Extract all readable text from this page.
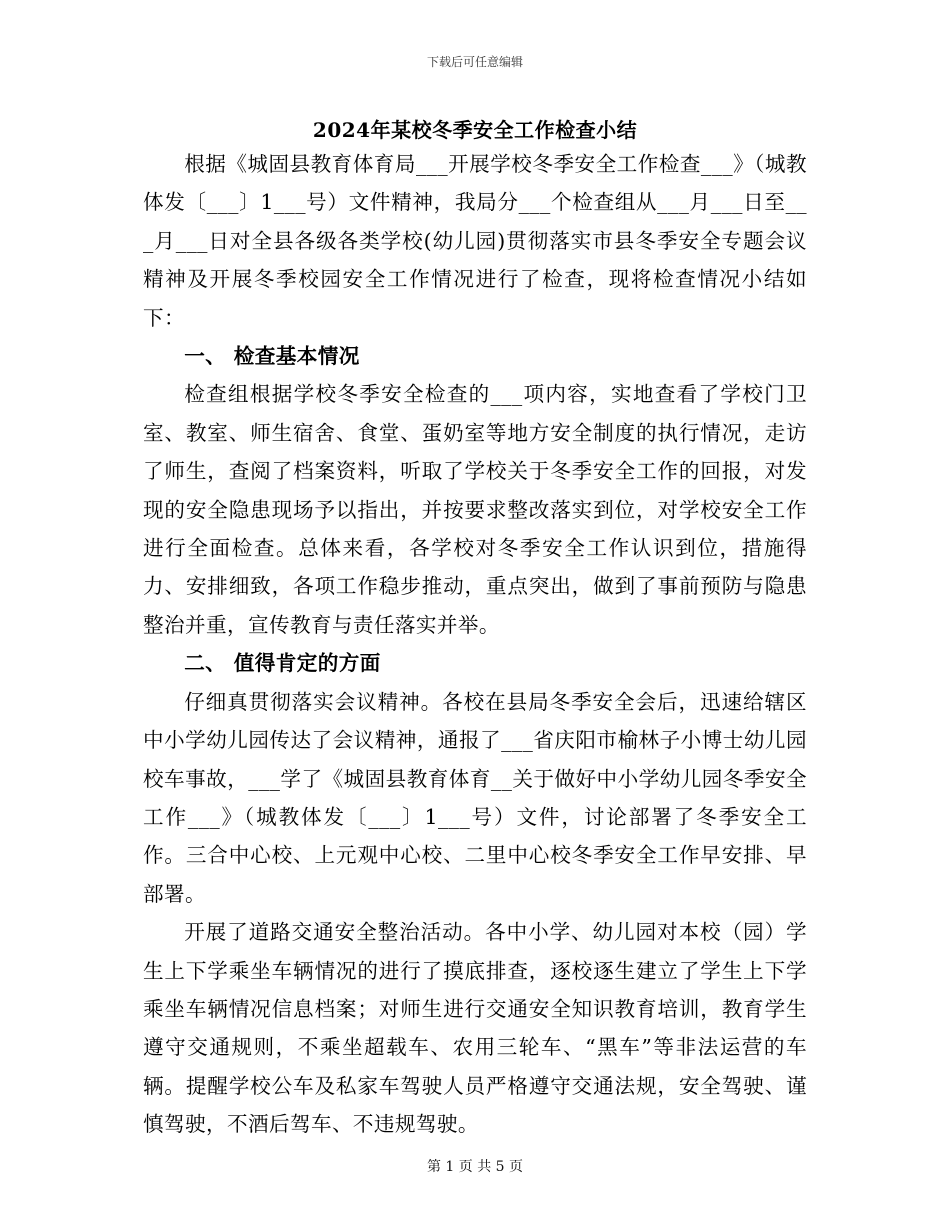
下载后可任意编辑
2024年某校冬季安全工作检查小结

根据《城固县教育体育局___开展学校冬季安全工作检查___》（城教体发〔___〕1___号）文件精神，我局分___个检查组从___月___日至___月___日对全县各级各类学校(幼儿园)贯彻落实市县冬季安全专题会议精神及开展冬季校园安全工作情况进行了检查，现将检查情况小结如下：

一、 检查基本情况

检查组根据学校冬季安全检查的___项内容，实地查看了学校门卫室、教室、师生宿舍、食堂、蛋奶室等地方安全制度的执行情况，走访了师生，查阅了档案资料，听取了学校关于冬季安全工作的回报，对发现的安全隐患现场予以指出，并按要求整改落实到位，对学校安全工作进行全面检查。总体来看，各学校对冬季安全工作认识到位，措施得力、安排细致，各项工作稳步推动，重点突出，做到了事前预防与隐患整治并重，宣传教育与责任落实并举。

二、 值得肯定的方面

仔细真贯彻落实会议精神。各校在县局冬季安全会后，迅速给辖区中小学幼儿园传达了会议精神，通报了___省庆阳市榆林子小博士幼儿园校车事故，___学了《城固县教育体育__关于做好中小学幼儿园冬季安全工作___》（城教体发〔___〕1___号）文件，讨论部署了冬季安全工作。三合中心校、上元观中心校、二里中心校冬季安全工作早安排、早部署。

开展了道路交通安全整治活动。各中小学、幼儿园对本校（园）学生上下学乘坐车辆情况的进行了摸底排查，逐校逐生建立了学生上下学乘坐车辆情况信息档案；对师生进行交通安全知识教育培训，教育学生遵守交通规则，不乘坐超载车、农用三轮车、“黑车”等非法运营的车辆。提醒学校公车及私家车驾驶人员严格遵守交通法规，安全驾驶、谨慎驾驶，不酒后驾车、不违规驾驶。

第 1 页 共 5 页
